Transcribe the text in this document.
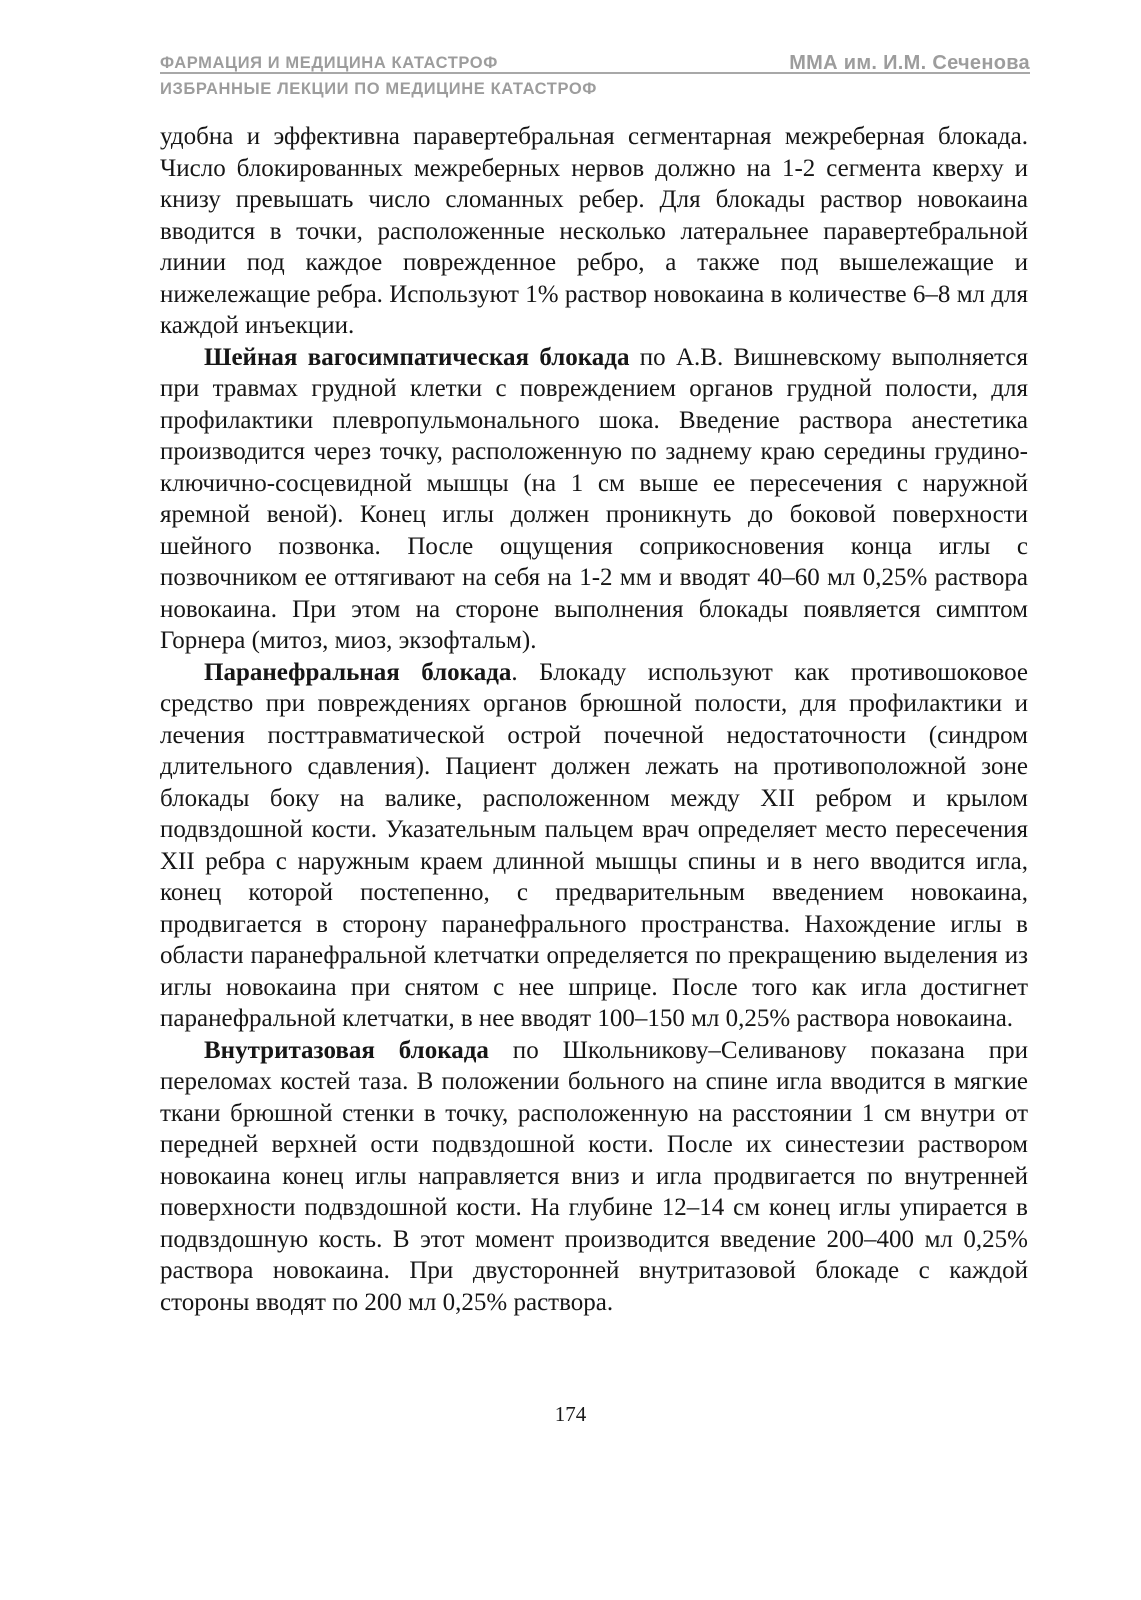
ФАРМАЦИЯ И МЕДИЦИНА КАТАСТРОФ	ММА им. И.М. Сеченова
ИЗБРАННЫЕ ЛЕКЦИИ ПО МЕДИЦИНЕ КАТАСТРОФ

удобна и эффективна паравертебральная сегментарная межреберная блокада. Число блокированных межреберных нервов должно на 1-2 сегмента кверху и книзу превышать число сломанных ребер. Для блокады раствор новокаина вводится в точки, расположенные несколько латеральнее паравертебральной линии под каждое поврежденное ребро, а также под вышележащие и нижележащие ребра. Используют 1% раствор новокаина в количестве 6–8 мл для каждой инъекции.

Шейная вагосимпатическая блокада по А.В. Вишневскому выполняется при травмах грудной клетки с повреждением органов грудной полости, для профилактики плевропульмонального шока. Введение раствора анестетика производится через точку, расположенную по заднему краю середины грудино-ключично-сосцевидной мышцы (на 1 см выше ее пересечения с наружной яремной веной). Конец иглы должен проникнуть до боковой поверхности шейного позвонка. После ощущения соприкосновения конца иглы с позвочником ее оттягивают на себя на 1-2 мм и вводят 40–60 мл 0,25% раствора новокаина. При этом на стороне выполнения блокады появляется симптом Горнера (митоз, миоз, экзофтальм).

Паранефральная блокада. Блокаду используют как противошоковое средство при повреждениях органов брюшной полости, для профилактики и лечения посттравматической острой почечной недостаточности (синдром длительного сдавления). Пациент должен лежать на противоположной зоне блокады боку на валике, расположенном между XII ребром и крылом подвздошной кости. Указательным пальцем врач определяет место пересечения XII ребра с наружным краем длинной мышцы спины и в него вводится игла, конец которой постепенно, с предварительным введением новокаина, продвигается в сторону паранефрального пространства. Нахождение иглы в области паранефральной клетчатки определяется по прекращению выделения из иглы новокаина при снятом с нее шприце. После того как игла достигнет паранефральной клетчатки, в нее вводят 100–150 мл 0,25% раствора новокаина.

Внутритазовая блокада по Школьникову–Селиванову показана при переломах костей таза. В положении больного на спине игла вводится в мягкие ткани брюшной стенки в точку, расположенную на расстоянии 1 см внутри от передней верхней ости подвздошной кости. После их синестезии раствором новокаина конец иглы направляется вниз и игла продвигается по внутренней поверхности подвздошной кости. На глубине 12–14 см конец иглы упирается в подвздошную кость. В этот момент производится введение 200–400 мл 0,25% раствора новокаина. При двусторонней внутритазовой блокаде с каждой стороны вводят по 200 мл 0,25% раствора.

174
